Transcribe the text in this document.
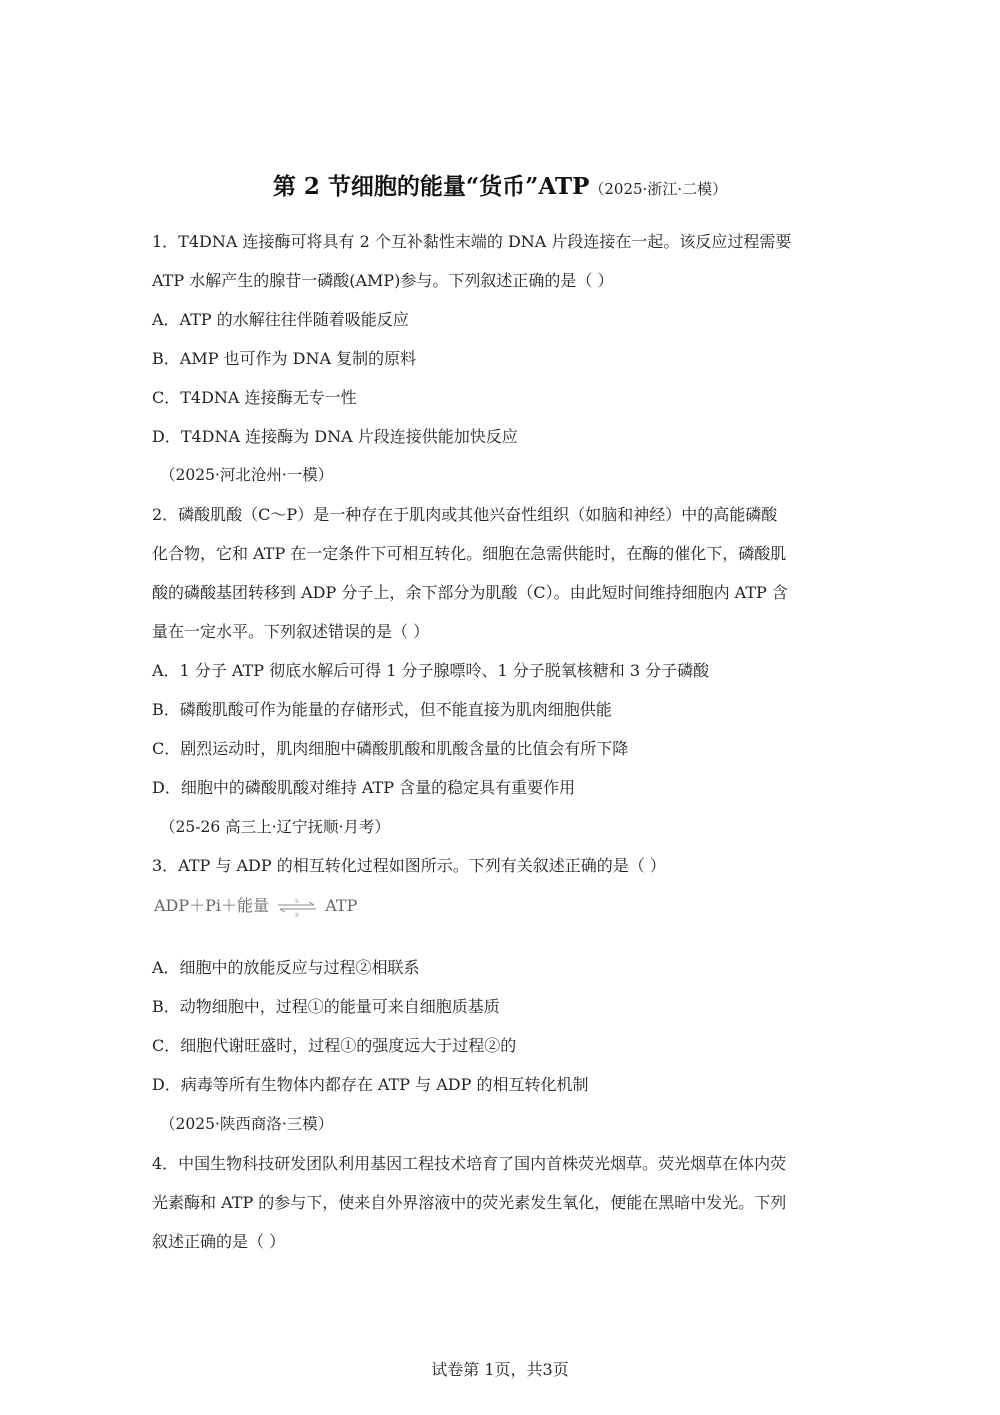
第 2 节细胞的能量“货币”ATP（2025·浙江·二模）
1．T4DNA 连接酶可将具有 2 个互补黏性末端的 DNA 片段连接在一起。该反应过程需要
ATP 水解产生的腺苷一磷酸(AMP)参与。下列叙述正确的是（ ）
A．ATP 的水解往往伴随着吸能反应
B．AMP 也可作为 DNA 复制的原料
C．T4DNA 连接酶无专一性
D．T4DNA 连接酶为 DNA 片段连接供能加快反应
（2025·河北沧州·一模）
2．磷酸肌酸（C～P）是一种存在于肌肉或其他兴奋性组织（如脑和神经）中的高能磷酸
化合物，它和 ATP 在一定条件下可相互转化。细胞在急需供能时，在酶的催化下，磷酸肌
酸的磷酸基团转移到 ADP 分子上，余下部分为肌酸（C）。由此短时间维持细胞内 ATP 含
量在一定水平。下列叙述错误的是（ ）
A．1 分子 ATP 彻底水解后可得 1 分子腺嘌呤、1 分子脱氧核糖和 3 分子磷酸
B．磷酸肌酸可作为能量的存储形式，但不能直接为肌肉细胞供能
C．剧烈运动时，肌肉细胞中磷酸肌酸和肌酸含量的比值会有所下降
D．细胞中的磷酸肌酸对维持 ATP 含量的稳定具有重要作用
（25-26 高三上·辽宁抚顺·月考）
3．ATP 与 ADP 的相互转化过程如图所示。下列有关叙述正确的是（ ）
ADP＋Pi＋能量	①
② ATP
A．细胞中的放能反应与过程②相联系
B．动物细胞中，过程①的能量可来自细胞质基质
C．细胞代谢旺盛时，过程①的强度远大于过程②的
D．病毒等所有生物体内都存在 ATP 与 ADP 的相互转化机制
（2025·陕西商洛·三模）
4．中国生物科技研发团队利用基因工程技术培育了国内首株荧光烟草。荧光烟草在体内荧
光素酶和 ATP 的参与下，使来自外界溶液中的荧光素发生氧化，便能在黑暗中发光。下列
叙述正确的是（ ）
试卷第 1页，共3页
